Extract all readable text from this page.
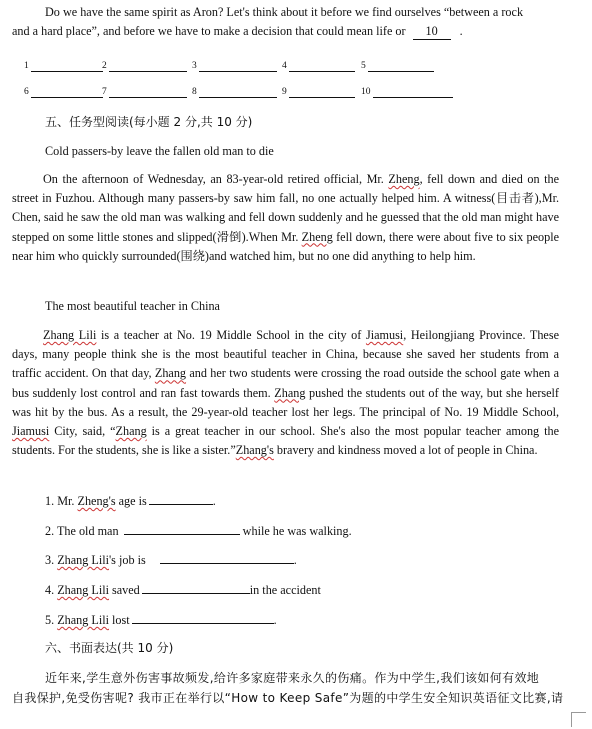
Do we have the same spirit as Aron? Let's think about it before we find ourselves “between a rock
and a hard place”, and before we have to make a decision that could mean life or 10 .
1	2	3	4	5
6	7	8	9	10
五、任务型阅读(每小题 2 分,共 10 分)
Cold passers-by leave the fallen old man to die
On the afternoon of Wednesday, an 83-year-old retired official, Mr. Zheng, fell down and died on the street in Fuzhou. Although many passers-by saw him fall, no one actually helped him. A witness(目击者),Mr. Chen, said he saw the old man was walking and fell down suddenly and he guessed that the old man might have stepped on some little stones and slipped(滑倒).When Mr. Zheng fell down, there were about five to six people near him who quickly surrounded(围绕)and watched him, but no one did anything to help him.
The most beautiful teacher in China
Zhang Lili is a teacher at No. 19 Middle School in the city of Jiamusi, Heilongjiang Province. These days, many people think she is the most beautiful teacher in China, because she saved her students from a traffic accident. On that day, Zhang and her two students were crossing the road outside the school gate when a bus suddenly lost control and ran fast towards them. Zhang pushed the students out of the way, but she herself was hit by the bus. As a result, the 29-year-old teacher lost her legs. The principal of No. 19 Middle School, Jiamusi City, said, “Zhang is a great teacher in our school. She's also the most popular teacher among the students. For the students, she is like a sister.”Zhang's bravery and kindness moved a lot of people in China.
1. Mr. Zheng's age is	.
2. The old man	while he was walking.
3. Zhang Lili's job is	.
4. Zhang Lili saved	in the accident
5. Zhang Lili lost	.
六、书面表达(共 10 分)
近年来,学生意外伤害事故频发,给许多家庭带来永久的伤痛。作为中学生,我们该如何有效地
自我保护,免受伤害呢? 我市正在举行以“How to Keep Safe”为题的中学生安全知识英语征文比赛,请
